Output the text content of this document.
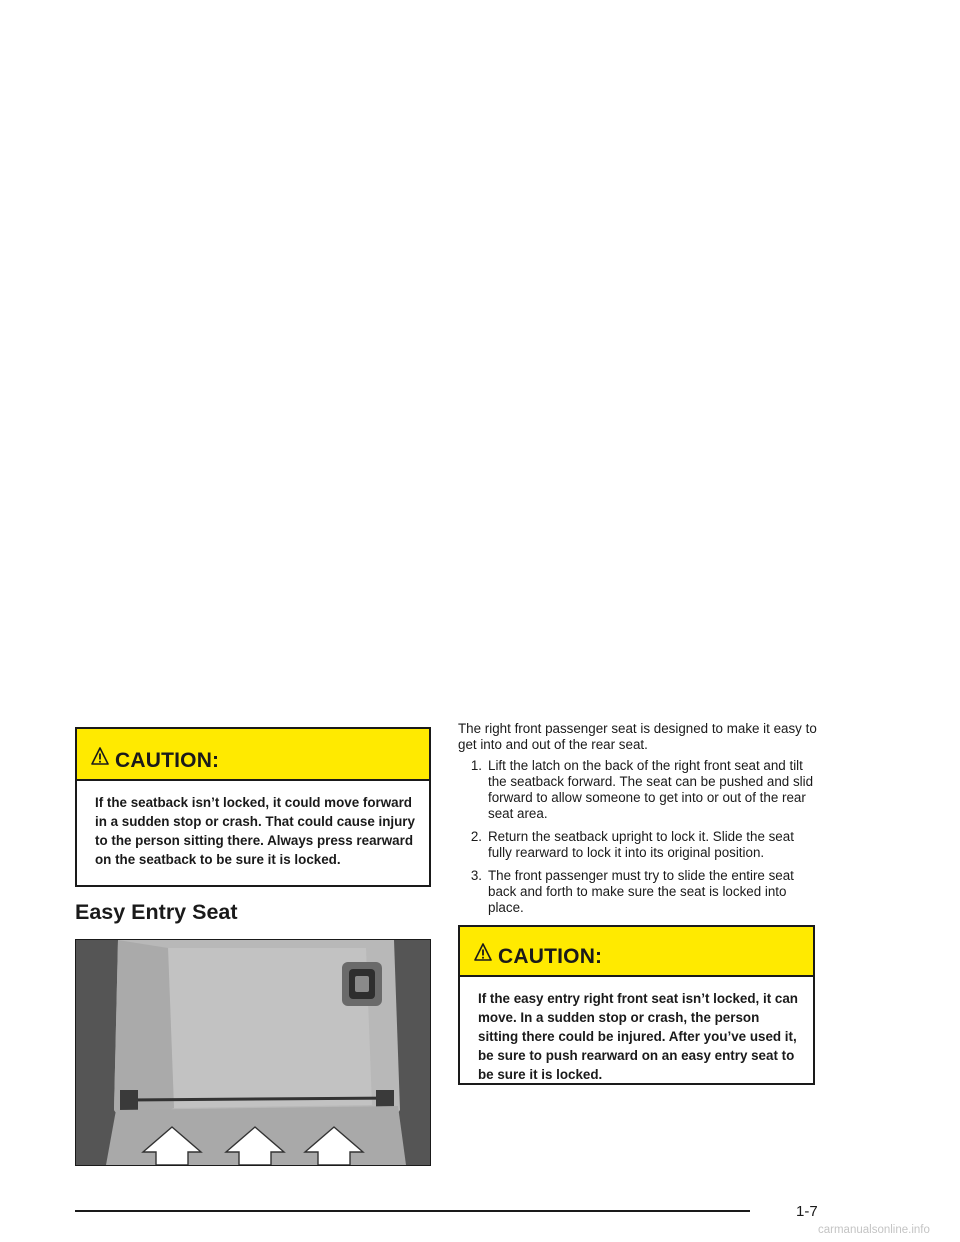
CAUTION:
If the seatback isn’t locked, it could move forward in a sudden stop or crash. That could cause injury to the person sitting there. Always press rearward on the seatback to be sure it is locked.
Easy Entry Seat

The right front passenger seat is designed to make it easy to get into and out of the rear seat.

1. Lift the latch on the back of the right front seat and tilt the seatback forward. The seat can be pushed and slid forward to allow someone to get into or out of the rear seat area.
2. Return the seatback upright to lock it. Slide the seat fully rearward to lock it into its original position.
3. The front passenger must try to slide the entire seat back and forth to make sure the seat is locked into place.
CAUTION:
If the easy entry right front seat isn’t locked, it can move. In a sudden stop or crash, the person sitting there could be injured. After you’ve used it, be sure to push rearward on an easy entry seat to be sure it is locked.
1-7
carmanualsonline.info
